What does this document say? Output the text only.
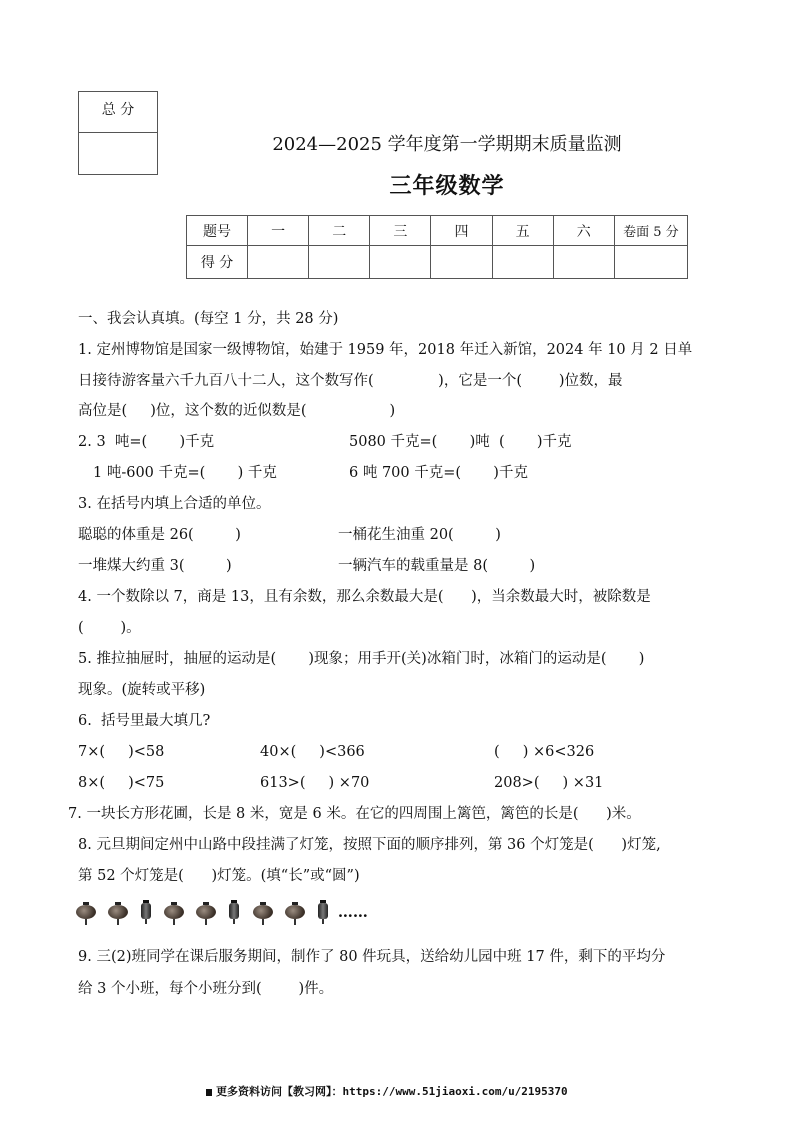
总 分
2024—2025 学年度第一学期期末质量监测
三年级数学
题号	一	二	三	四	五	六	卷面 5 分
得 分							
一、我会认真填。(每空 1 分，共 28 分)
1. 定州博物馆是国家一级博物馆，始建于 1959 年，2018 年迁入新馆，2024 年 10 月 2 日单
日接待游客量六千九百八十二人，这个数写作(              )，它是一个(        )位数，最
高位是(     )位，这个数的近似数是(                  )
2. 3  吨=(       )千克	5080 千克=(       )吨  (       )千克
1 吨-600 千克=(       ) 千克	6 吨 700 千克=(       )千克
3. 在括号内填上合适的单位。
聪聪的体重是 26(         )	一桶花生油重 20(         )
一堆煤大约重 3(         )	一辆汽车的载重量是 8(         )
4. 一个数除以 7，商是 13，且有余数，那么余数最大是(      )，当余数最大时，被除数是
(        )。
5. 推拉抽屉时，抽屉的运动是(       )现象；用手开(关)冰箱门时，冰箱门的运动是(       )
现象。(旋转或平移)
6.  括号里最大填几?
7×(     )<58	40×(     )<366	(     ) ×6<326
8×(     )<75	613>(     ) ×70	208>(     ) ×31
7. 一块长方形花圃，长是 8 米，宽是 6 米。在它的四周围上篱笆，篱笆的长是(      )米。
8. 元旦期间定州中山路中段挂满了灯笼，按照下面的顺序排列，第 36 个灯笼是(      )灯笼,
第 52 个灯笼是(      )灯笼。(填“长”或“圆”)

……
9. 三(2)班同学在课后服务期间，制作了 80 件玩具，送给幼儿园中班 17 件，剩下的平均分
给 3 个小班，每个小班分到(        )件。
更多资料访问【教习网】：https://www.51jiaoxi.com/u/2195370
